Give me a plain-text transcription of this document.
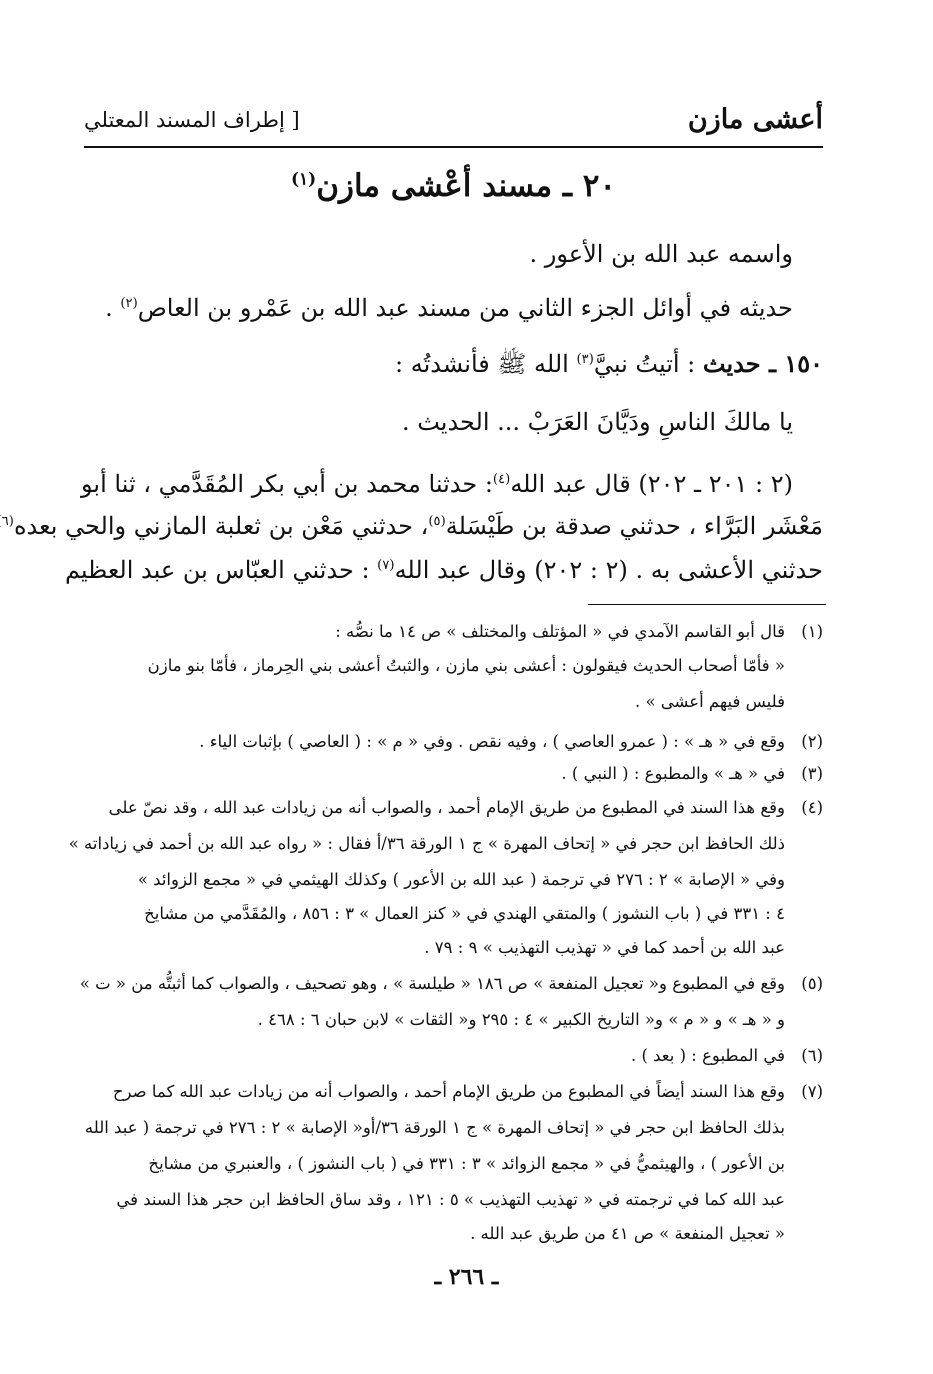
أعشى مازن
[ إطراف المسند المعتلي
٢٠ ـ مسند أعْشى مازن$^{(١)}$
واسمه عبد الله بن الأعور .
حديثه في أوائل الجزء الثاني من مسند عبد الله بن عَمْرو بن العاص$^{(٢)}$ .
١٥٠ ـ حديث : أتيتُ نبيَّ$^{(٣)}$ الله ﷺ فأنشدتُه :
يا مالكَ الناسِ ودَيَّانَ العَرَبْ ... الحديث .
(٢ : ٢٠١ ـ ٢٠٢) قال عبد الله$^{(٤)}$: حدثنا محمد بن أبي بكر المُقَدَّمي ، ثنا أبو
مَعْشَر البَرَّاء ، حدثني صدقة بن طَيْسَلة$^{(٥)}$، حدثني مَعْن بن ثعلبة المازني والحي بعده$^{(٦}$
حدثني الأعشى به . (٢ : ٢٠٢) وقال عبد الله$^{(٧)}$ : حدثني العبّاس بن عبد العظيم
(١)
قال أبو القاسم الآمدي في « المؤتلف والمختلف » ص ١٤ ما نصُّه :
« فأمّا أصحاب الحديث فيقولون : أعشى بني مازن ، والثبتُ أعشى بني الحِرماز ، فأمّا بنو مازن
فليس فيهم أعشى » .
(٢)
وقع في « هـ » : ( عمرو العاصي ) ، وفيه نقص . وفي « م » : ( العاصي ) بإثبات الياء .
(٣)
في « هـ » والمطبوع : ( النبي ) .
(٤)
وقع هذا السند في المطبوع من طريق الإمام أحمد ، والصواب أنه من زيادات عبد الله ، وقد نصّ على
ذلك الحافظ ابن حجر في « إتحاف المهرة » ج ١ الورقة ٣٦/أ فقال : « رواه عبد الله بن أحمد في زياداته »
وفي « الإصابة » ٢ : ٢٧٦ في ترجمة ( عبد الله بن الأعور ) وكذلك الهيثمي في « مجمع الزوائد »
٤ : ٣٣١ في ( باب النشوز ) والمتقي الهندي في « كنز العمال » ٣ : ٨٥٦ ، والمُقَدَّمي من مشايخ
عبد الله بن أحمد كما في « تهذيب التهذيب » ٩ : ٧٩ .
(٥)
وقع في المطبوع و« تعجيل المنفعة » ص ١٨٦ « طيلسة » ، وهو تصحيف ، والصواب كما أثبتُّه من « ت »
و « هـ » و « م » و« التاريخ الكبير » ٤ : ٢٩٥ و« الثقات » لابن حبان ٦ : ٤٦٨ .
(٦)
في المطبوع : ( بعد ) .
(٧)
وقع هذا السند أيضاً في المطبوع من طريق الإمام أحمد ، والصواب أنه من زيادات عبد الله كما صرح
بذلك الحافظ ابن حجر في « إتحاف المهرة » ج ١ الورقة ٣٦/أو« الإصابة » ٢ : ٢٧٦ في ترجمة ( عبد الله
بن الأعور ) ، والهيثميُّ في « مجمع الزوائد » ٣ : ٣٣١ في ( باب النشوز ) ، والعنبري من مشايخ
عبد الله كما في ترجمته في « تهذيب التهذيب » ٥ : ١٢١ ، وقد ساق الحافظ ابن حجر هذا السند في
« تعجيل المنفعة » ص ٤١ من طريق عبد الله .
ـ ٢٦٦ ـ
